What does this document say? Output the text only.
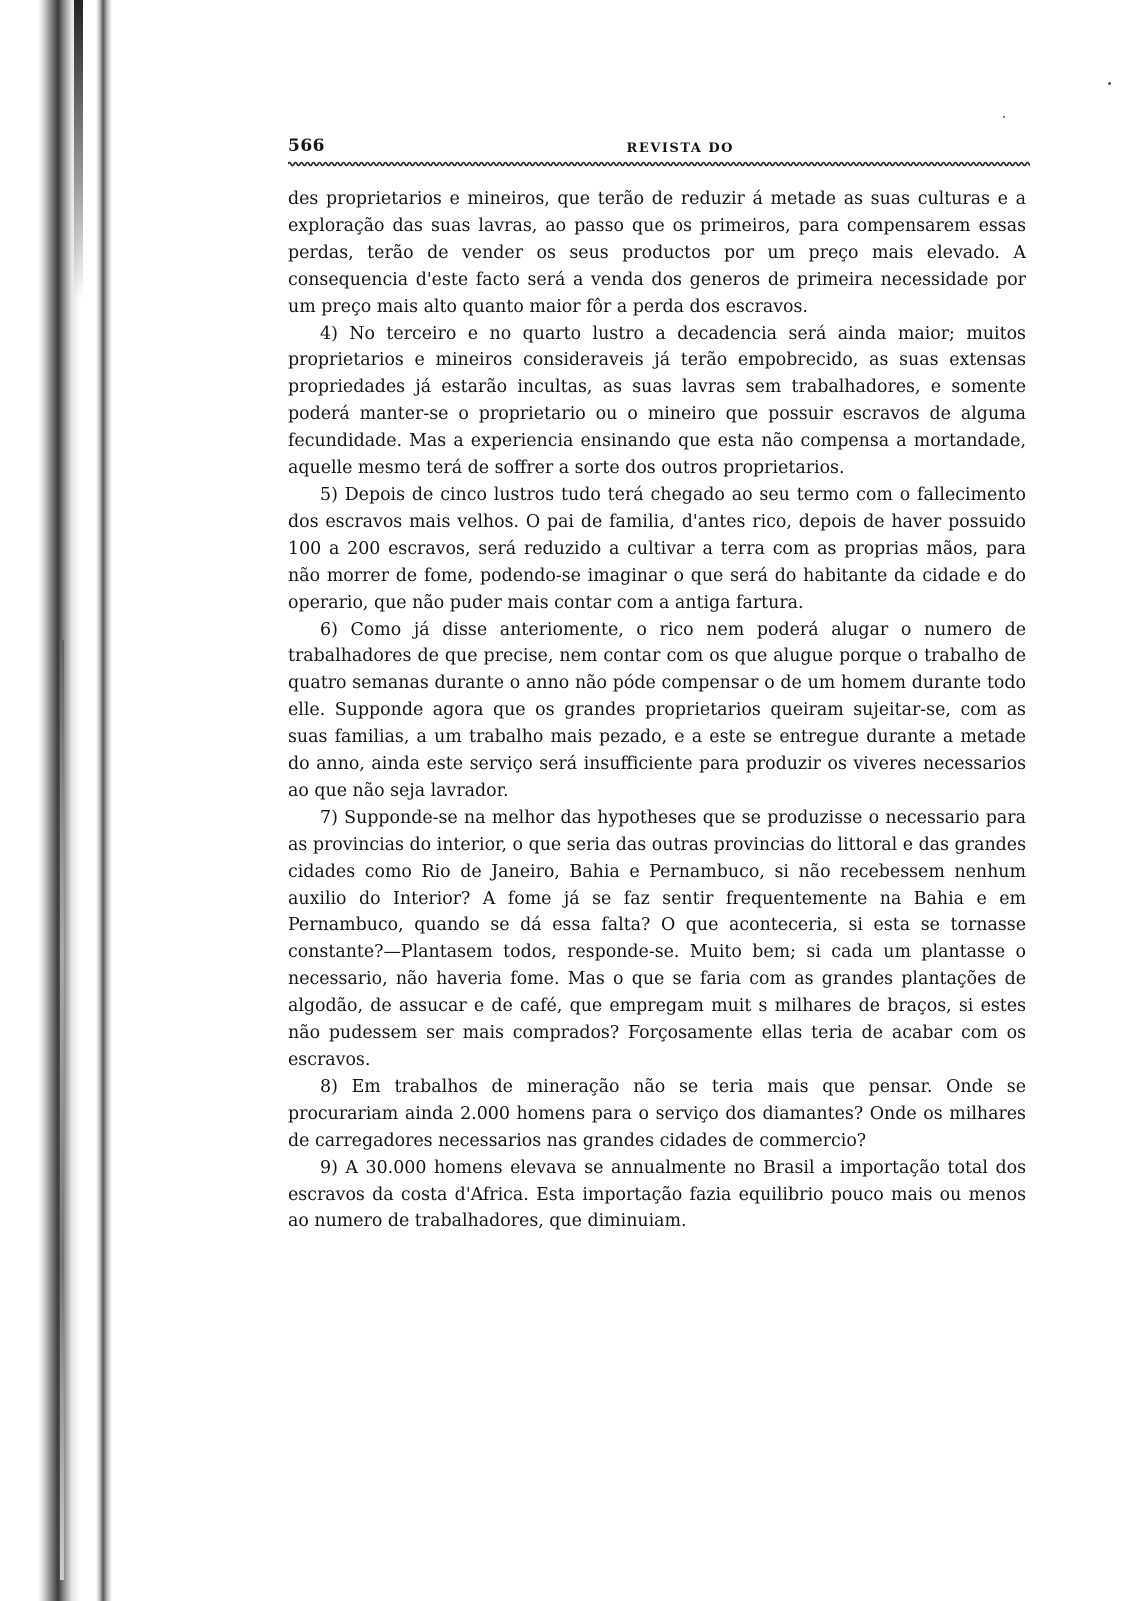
566	REVISTA DO

des proprietarios e mineiros, que terão de reduzir á metade as suas culturas e a exploração das suas lavras, ao passo que os primeiros, para compensarem essas perdas, terão de vender os seus productos por um preço mais elevado. A consequencia d'este facto será a venda dos generos de primeira necessidade por um preço mais alto quanto maior fôr a perda dos escravos.

4) No terceiro e no quarto lustro a decadencia será ainda maior; muitos proprietarios e mineiros consideraveis já terão empobrecido, as suas extensas propriedades já estarão incultas, as suas lavras sem trabalhadores, e somente poderá manter-se o proprietario ou o mineiro que possuir escravos de alguma fecundidade. Mas a experiencia ensinando que esta não compensa a mortandade, aquelle mesmo terá de soffrer a sorte dos outros proprietarios.

5) Depois de cinco lustros tudo terá chegado ao seu termo com o fallecimento dos escravos mais velhos. O pai de familia, d'antes rico, depois de haver possuido 100 a 200 escravos, será reduzido a cultivar a terra com as proprias mãos, para não morrer de fome, podendo-se imaginar o que será do habitante da cidade e do operario, que não puder mais contar com a antiga fartura.

6) Como já disse anteriomente, o rico nem poderá alugar o numero de trabalhadores de que precise, nem contar com os que alugue porque o trabalho de quatro semanas durante o anno não póde compensar o de um homem durante todo elle. Supponde agora que os grandes proprietarios queiram sujeitar-se, com as suas familias, a um trabalho mais pezado, e a este se entregue durante a metade do anno, ainda este serviço será insufficiente para produzir os viveres necessarios ao que não seja lavrador.

7) Supponde-se na melhor das hypotheses que se produzisse o necessario para as provincias do interior, o que seria das outras provincias do littoral e das grandes cidades como Rio de Janeiro, Bahia e Pernambuco, si não recebessem nenhum auxilio do Interior? A fome já se faz sentir frequentemente na Bahia e em Pernambuco, quando se dá essa falta? O que aconteceria, si esta se tornasse constante?—Plantasem todos, responde-se. Muito bem; si cada um plantasse o necessario, não haveria fome. Mas o que se faria com as grandes plantações de algodão, de assucar e de café, que empregam muit s milhares de braços, si estes não pudessem ser mais comprados? Forçosamente ellas teria de acabar com os escravos.

8) Em trabalhos de mineração não se teria mais que pensar. Onde se procurariam ainda 2.000 homens para o serviço dos diamantes? Onde os milhares de carregadores necessarios nas grandes cidades de commercio?

9) A 30.000 homens elevava se annualmente no Brasil a importação total dos escravos da costa d'Africa. Esta importação fazia equilibrio pouco mais ou menos ao numero de trabalhadores, que diminuiam.
